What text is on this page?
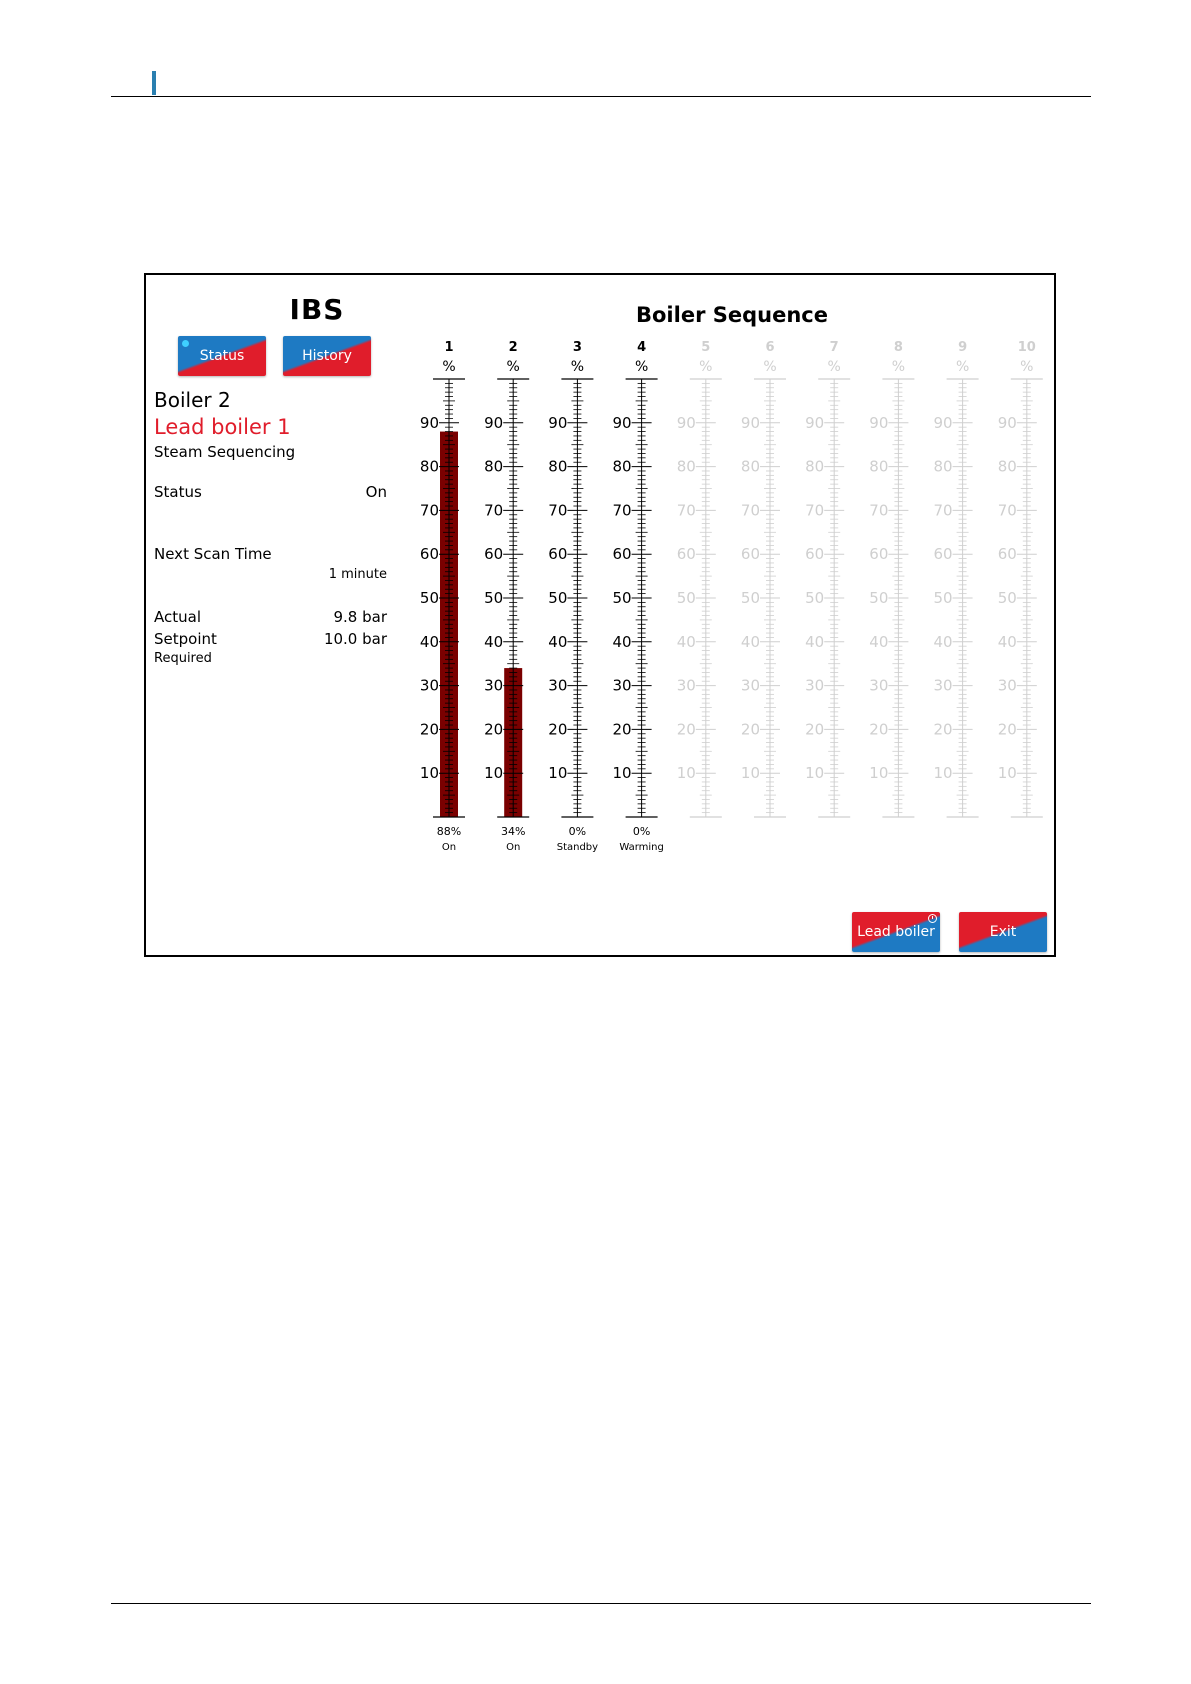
IBS	Boiler Sequence
Status	History
Boiler 2
Lead boiler 1
Steam Sequencing
Status	On
Next Scan Time
1 minute
Actual	9.8 bar
Setpoint	10.0 bar
Required
1
%
10
20
30
40
50
60
70
80
90
88%
On
2
%
10
20
30
40
50
60
70
80
90
34%
On
3
%
10
20
30
40
50
60
70
80
90
0%
Standby
4
%
10
20
30
40
50
60
70
80
90
0%
Warming
5
%
10
20
30
40
50
60
70
80
90
6
%
10
20
30
40
50
60
70
80
90
7
%
10
20
30
40
50
60
70
80
90
8
%
10
20
30
40
50
60
70
80
90
9
%
10
20
30
40
50
60
70
80
90
10
%
10
20
30
40
50
60
70
80
90
Lead boiler	Exit
